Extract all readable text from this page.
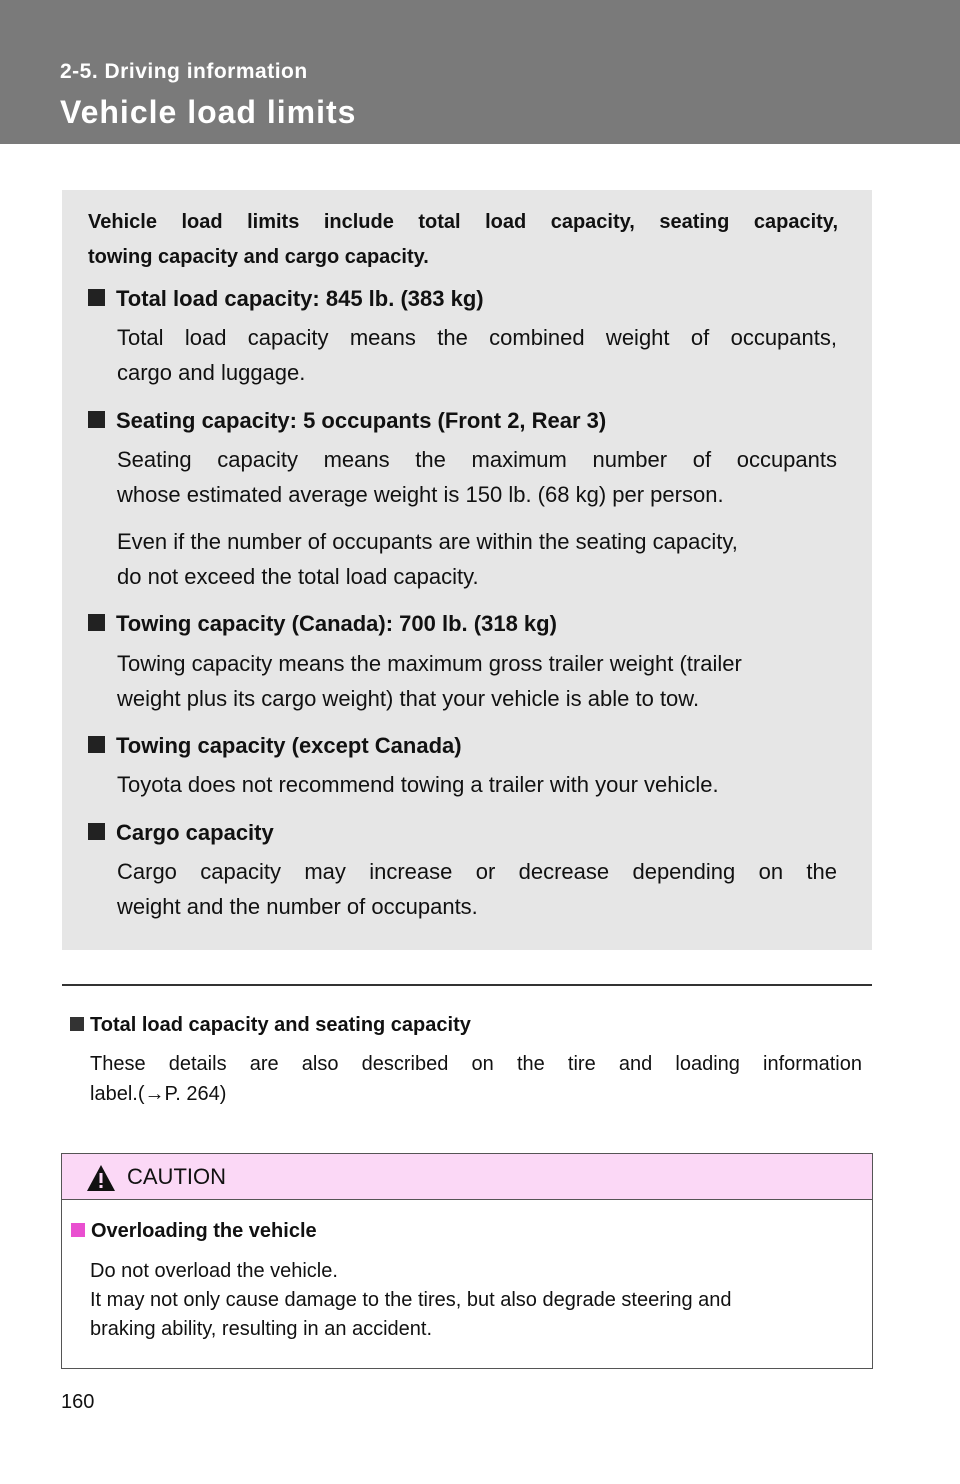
2-5. Driving information
Vehicle load limits
Vehicle load limits include total load capacity, seating capacity,
towing capacity and cargo capacity.
Total load capacity: 845 lb. (383 kg)
Total load capacity means the combined weight of occupants,
cargo and luggage.
Seating capacity: 5 occupants (Front 2, Rear 3)
Seating capacity means the maximum number of occupants
whose estimated average weight is 150 lb. (68 kg) per person.
Even if the number of occupants are within the seating capacity,
do not exceed the total load capacity.
Towing capacity (Canada): 700 lb. (318 kg)
Towing capacity means the maximum gross trailer weight (trailer
weight plus its cargo weight) that your vehicle is able to tow.
Towing capacity (except Canada)
Toyota does not recommend towing a trailer with your vehicle.
Cargo capacity
Cargo capacity may increase or decrease depending on the
weight and the number of occupants.
Total load capacity and seating capacity
These details are also described on the tire and loading information
label.(→P. 264)
CAUTION
Overloading the vehicle
Do not overload the vehicle.
It may not only cause damage to the tires, but also degrade steering and
braking ability, resulting in an accident.
160
